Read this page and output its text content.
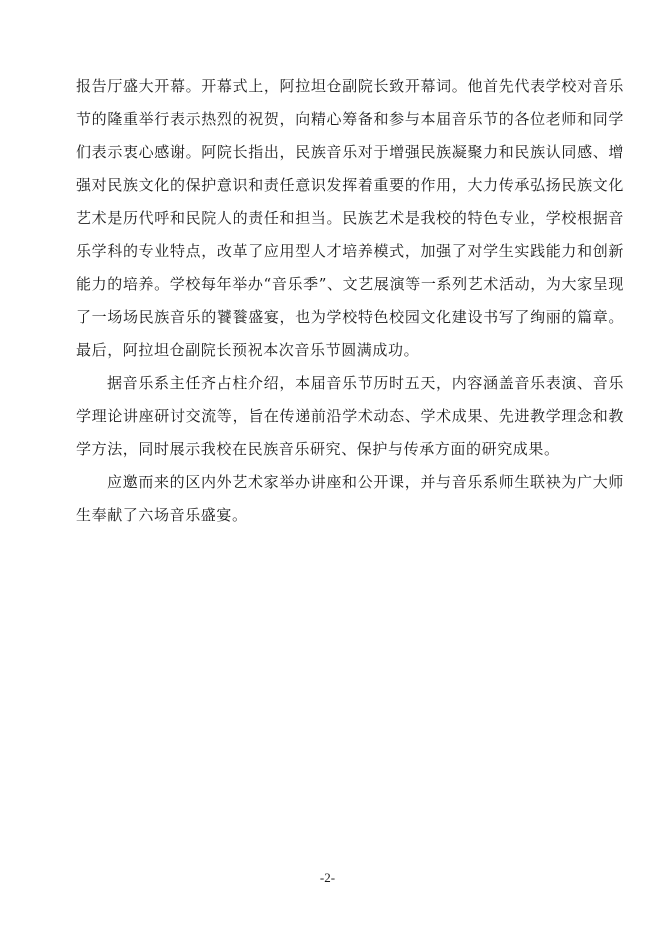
报告厅盛大开幕。开幕式上，阿拉坦仓副院长致开幕词。他首先代表学校对音乐节的隆重举行表示热烈的祝贺，向精心筹备和参与本届音乐节的各位老师和同学们表示衷心感谢。阿院长指出，民族音乐对于增强民族凝聚力和民族认同感、增强对民族文化的保护意识和责任意识发挥着重要的作用，大力传承弘扬民族文化艺术是历代呼和民院人的责任和担当。民族艺术是我校的特色专业，学校根据音乐学科的专业特点，改革了应用型人才培养模式，加强了对学生实践能力和创新能力的培养。学校每年举办“音乐季”、文艺展演等一系列艺术活动，为大家呈现了一场场民族音乐的饕餮盛宴，也为学校特色校园文化建设书写了绚丽的篇章。最后，阿拉坦仓副院长预祝本次音乐节圆满成功。

据音乐系主任齐占柱介绍，本届音乐节历时五天，内容涵盖音乐表演、音乐学理论讲座研讨交流等，旨在传递前沿学术动态、学术成果、先进教学理念和教学方法，同时展示我校在民族音乐研究、保护与传承方面的研究成果。

应邀而来的区内外艺术家举办讲座和公开课，并与音乐系师生联袂为广大师生奉献了六场音乐盛宴。

-2-
